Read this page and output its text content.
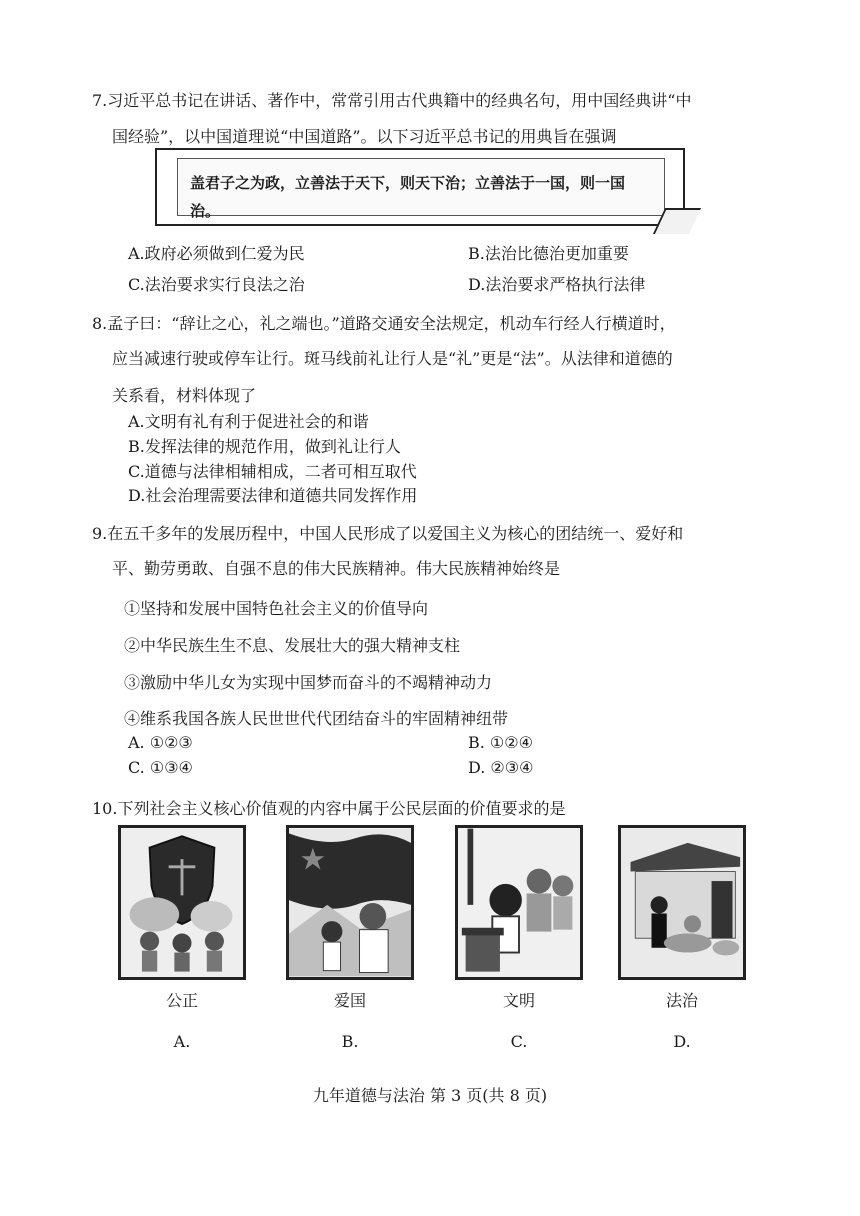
7.习近平总书记在讲话、著作中，常常引用古代典籍中的经典名句，用中国经典讲“中
国经验”，以中国道理说“中国道路”。以下习近平总书记的用典旨在强调
盖君子之为政，立善法于天下，则天下治；立善法于一国，则一国治。
A.政府必须做到仁爱为民	B.法治比德治更加重要
C.法治要求实行良法之治	D.法治要求严格执行法律
8.孟子曰：“辞让之心，礼之端也。”道路交通安全法规定，机动车行经人行横道时，
应当减速行驶或停车让行。斑马线前礼让行人是“礼”更是“法”。从法律和道德的
关系看，材料体现了
A.文明有礼有利于促进社会的和谐
B.发挥法律的规范作用，做到礼让行人
C.道德与法律相辅相成，二者可相互取代
D.社会治理需要法律和道德共同发挥作用
9.在五千多年的发展历程中，中国人民形成了以爱国主义为核心的团结统一、爱好和
平、勤劳勇敢、自强不息的伟大民族精神。伟大民族精神始终是
①坚持和发展中国特色社会主义的价值导向
②中华民族生生不息、发展壮大的强大精神支柱
③激励中华儿女为实现中国梦而奋斗的不竭精神动力
④维系我国各族人民世世代代团结奋斗的牢固精神纽带
A. ①②③	B. ①②④
C. ①③④	D. ②③④
10.下列社会主义核心价值观的内容中属于公民层面的价值要求的是
公正	爱国	文明	法治
A.	B.	C.	D.
九年道德与法治 第 3 页(共 8 页)
